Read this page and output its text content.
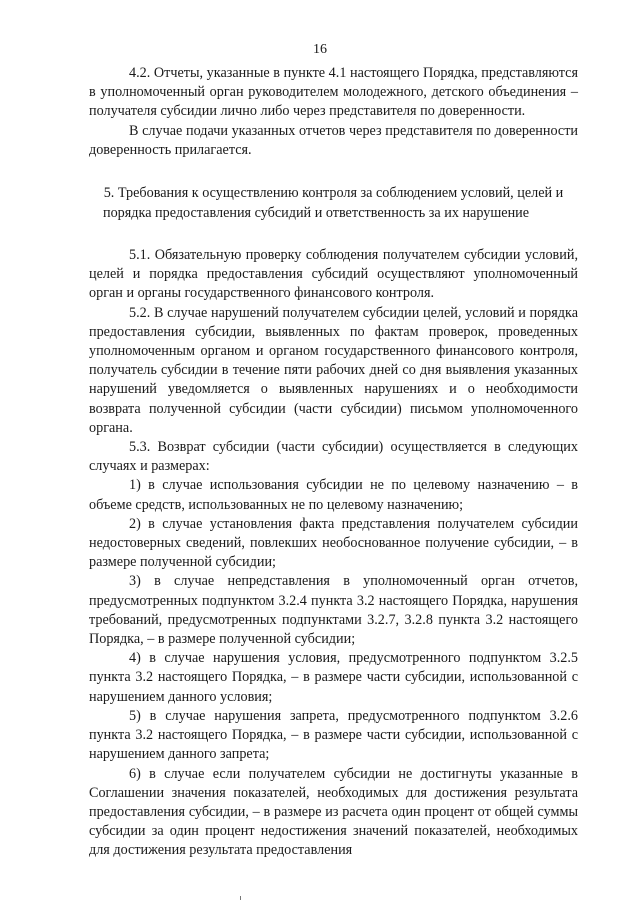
16

4.2. Отчеты, указанные в пункте 4.1 настоящего Порядка, представляются в уполномоченный орган руководителем молодежного, детского объединения – получателя субсидии лично либо через представителя по доверенности.

В случае подачи указанных отчетов через представителя по доверенности доверенность прилагается.

5. Требования к осуществлению контроля за соблюдением условий, целей и порядка предоставления субсидий и ответственность за их нарушение

5.1. Обязательную проверку соблюдения получателем субсидии условий, целей и порядка предоставления субсидий осуществляют уполномоченный орган и органы государственного финансового контроля.

5.2. В случае нарушений получателем субсидии целей, условий и порядка предоставления субсидии, выявленных по фактам проверок, проведенных уполномоченным органом и органом государственного финансового контроля, получатель субсидии в течение пяти рабочих дней со дня выявления указанных нарушений уведомляется о выявленных нарушениях и о необходимости возврата полученной субсидии (части субсидии) письмом уполномоченного органа.

5.3. Возврат субсидии (части субсидии) осуществляется в следующих случаях и размерах:

1) в случае использования субсидии не по целевому назначению – в объеме средств, использованных не по целевому назначению;

2) в случае установления факта представления получателем субсидии недостоверных сведений, повлекших необоснованное получение субсидии, – в размере полученной субсидии;

3) в случае непредставления в уполномоченный орган отчетов, предусмотренных подпунктом 3.2.4 пункта 3.2 настоящего Порядка, нарушения требований, предусмотренных подпунктами 3.2.7, 3.2.8 пункта 3.2 настоящего Порядка, – в размере полученной субсидии;

4) в случае нарушения условия, предусмотренного подпунктом 3.2.5 пункта 3.2 настоящего Порядка, – в размере части субсидии, использованной с нарушением данного условия;

5) в случае нарушения запрета, предусмотренного подпунктом 3.2.6 пункта 3.2 настоящего Порядка, – в размере части субсидии, использованной с нарушением данного запрета;

6) в случае если получателем субсидии не достигнуты указанные в Соглашении значения показателей, необходимых для достижения результата предоставления субсидии, – в размере из расчета один процент от общей суммы субсидии за один процент недостижения значений показателей, необходимых для достижения результата предоставления
